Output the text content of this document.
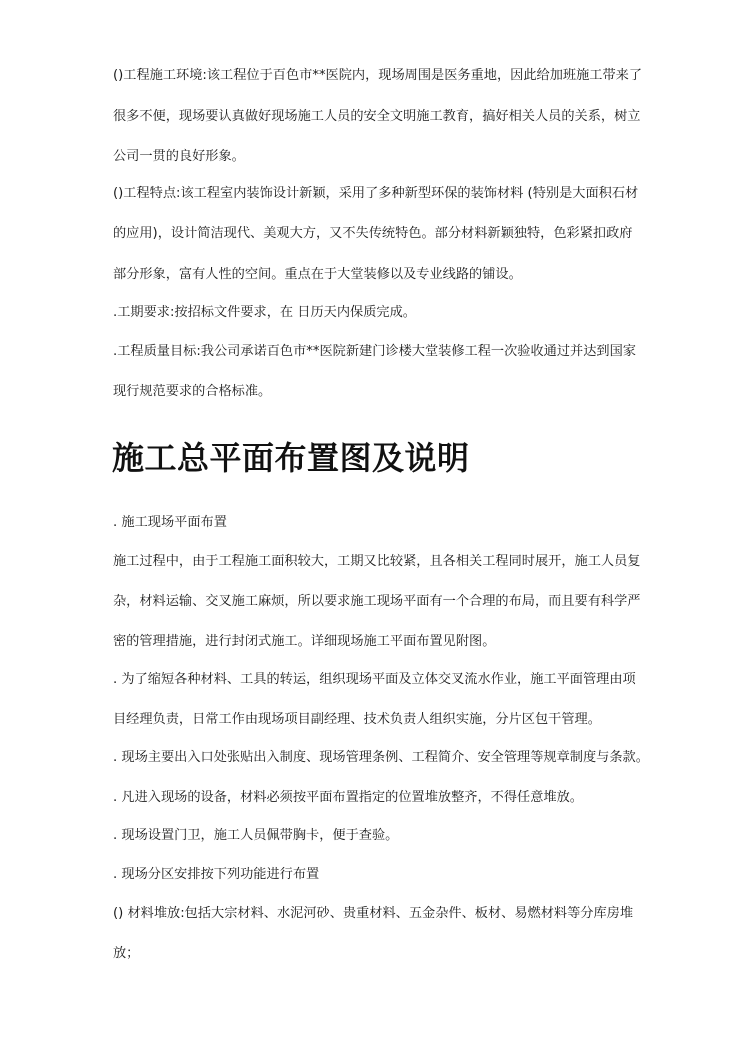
()工程施工环境:该工程位于百色市**医院内，现场周围是医务重地，因此给加班施工带来了
很多不便，现场要认真做好现场施工人员的安全文明施工教育，搞好相关人员的关系，树立
公司一贯的良好形象。
()工程特点:该工程室内装饰设计新颖，采用了多种新型环保的装饰材料 (特别是大面积石材
的应用)，设计简洁现代、美观大方，又不失传统特色。部分材料新颖独特，色彩紧扣政府
部分形象，富有人性的空间。重点在于大堂装修以及专业线路的铺设。
.工期要求:按招标文件要求，在 日历天内保质完成。
.工程质量目标:我公司承诺百色市**医院新建门诊楼大堂装修工程一次验收通过并达到国家
现行规范要求的合格标准。
施工总平面布置图及说明
. 施工现场平面布置
施工过程中，由于工程施工面积较大，工期又比较紧，且各相关工程同时展开，施工人员复
杂，材料运输、交叉施工麻烦，所以要求施工现场平面有一个合理的布局，而且要有科学严
密的管理措施，进行封闭式施工。详细现场施工平面布置见附图。
. 为了缩短各种材料、工具的转运，组织现场平面及立体交叉流水作业，施工平面管理由项
目经理负责，日常工作由现场项目副经理、技术负责人组织实施，分片区包干管理。
. 现场主要出入口处张贴出入制度、现场管理条例、工程简介、安全管理等规章制度与条款。
. 凡进入现场的设备，材料必须按平面布置指定的位置堆放整齐，不得任意堆放。
. 现场设置门卫，施工人员佩带胸卡，便于查验。
. 现场分区安排按下列功能进行布置
() 材料堆放:包括大宗材料、水泥河砂、贵重材料、五金杂件、板材、易燃材料等分库房堆
放；
